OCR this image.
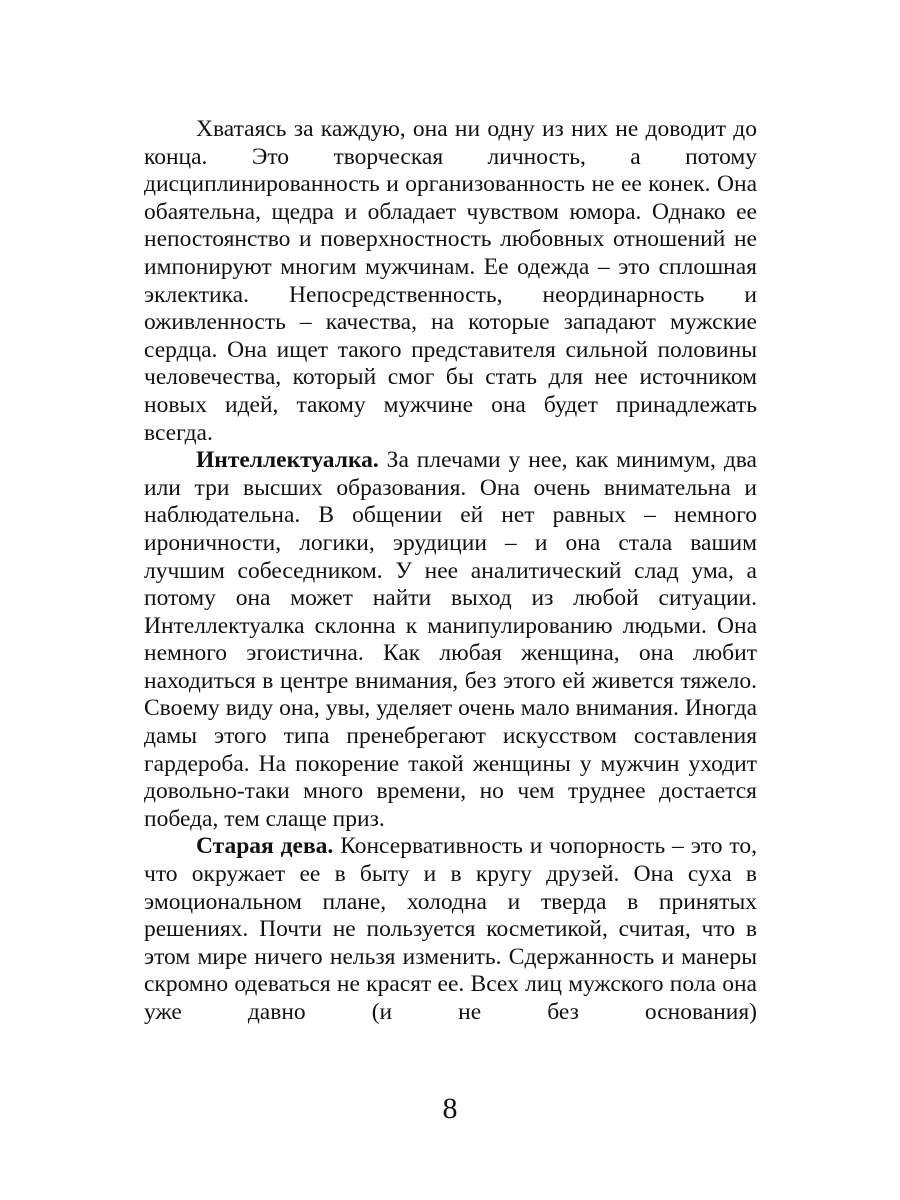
Хватаясь за каждую, она ни одну из них не доводит до конца. Это творческая личность, а потому дисциплинированность и организованность не ее конек. Она обаятельна, щедра и обладает чувством юмора. Однако ее непостоянство и поверхностность любовных отношений не импонируют многим мужчинам. Ее одежда – это сплошная эклектика. Непосредственность, неординарность и оживленность – качества, на которые западают мужские сердца. Она ищет такого представителя сильной половины человечества, который смог бы стать для нее источником новых идей, такому мужчине она будет принадлежать всегда.

Интеллектуалка. За плечами у нее, как минимум, два или три высших образования. Она очень внимательна и наблюдательна. В общении ей нет равных – немного ироничности, логики, эрудиции – и она стала вашим лучшим собеседником. У нее аналитический слад ума, а потому она может найти выход из любой ситуации. Интеллектуалка склонна к манипулированию людьми. Она немного эгоистична. Как любая женщина, она любит находиться в центре внимания, без этого ей живется тяжело. Своему виду она, увы, уделяет очень мало внимания. Иногда дамы этого типа пренебрегают искусством составления гардероба. На покорение такой женщины у мужчин уходит довольно-таки много времени, но чем труднее достается победа, тем слаще приз.

Старая дева. Консервативность и чопорность – это то, что окружает ее в быту и в кругу друзей. Она суха в эмоциональном плане, холодна и тверда в принятых решениях. Почти не пользуется косметикой, считая, что в этом мире ничего нельзя изменить. Сдержанность и манеры скромно одеваться не красят ее. Всех лиц мужского пола она уже давно (и не без основания)

8
